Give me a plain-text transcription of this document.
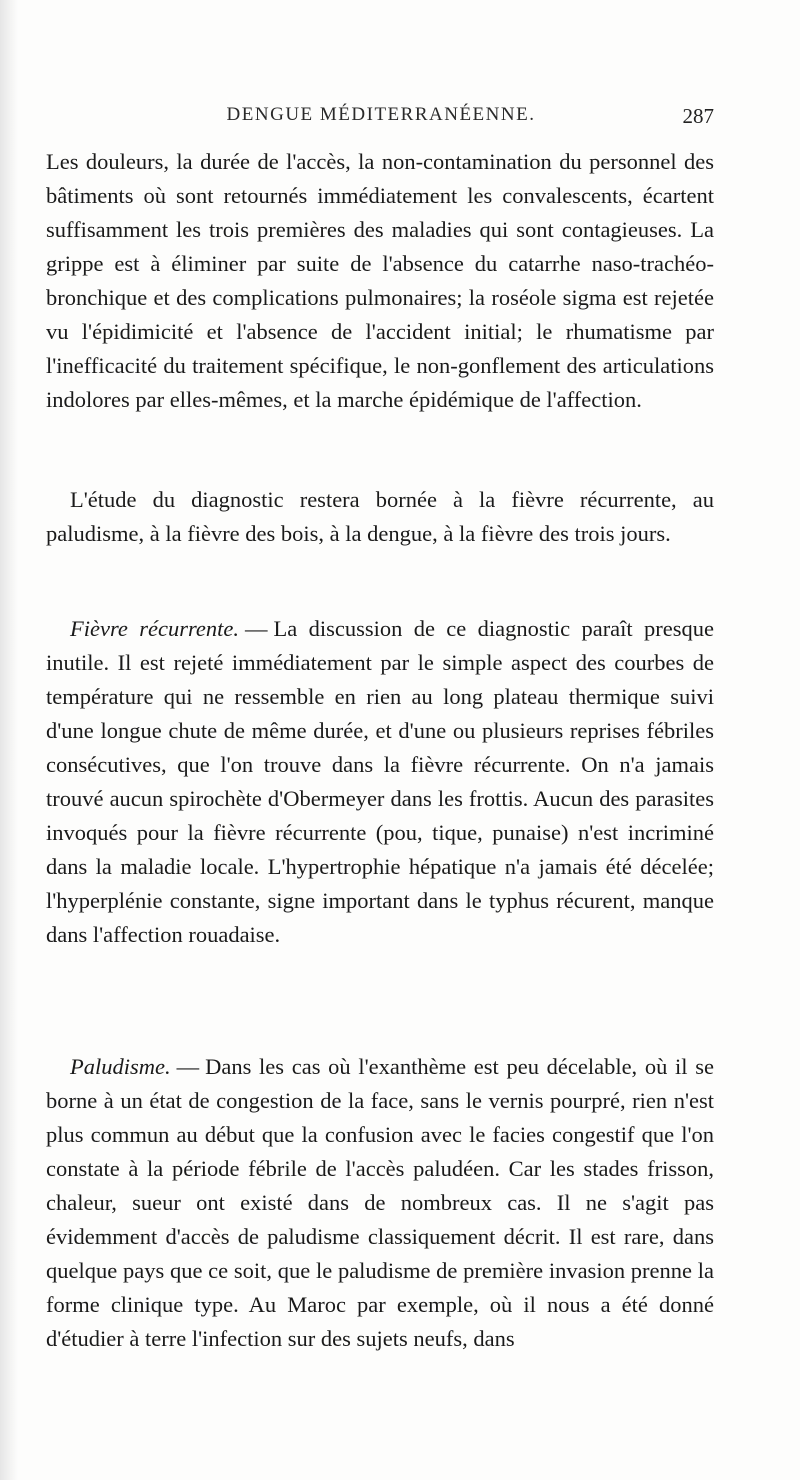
DENGUE MÉDITERRANÉENNE.	287

Les douleurs, la durée de l'accès, la non-contamination du personnel des bâtiments où sont retournés immédiatement les convalescents, écartent suffisamment les trois premières des maladies qui sont contagieuses. La grippe est à éliminer par suite de l'absence du catarrhe naso-trachéo-bronchique et des complications pulmonaires; la roséole sigma est rejetée vu l'épidimicité et l'absence de l'accident initial; le rhumatisme par l'inefficacité du traitement spécifique, le non-gonflement des articulations indolores par elles-mêmes, et la marche épidémique de l'affection.

L'étude du diagnostic restera bornée à la fièvre récurrente, au paludisme, à la fièvre des bois, à la dengue, à la fièvre des trois jours.

Fièvre récurrente. — La discussion de ce diagnostic paraît presque inutile. Il est rejeté immédiatement par le simple aspect des courbes de température qui ne ressemble en rien au long plateau thermique suivi d'une longue chute de même durée, et d'une ou plusieurs reprises fébriles consécutives, que l'on trouve dans la fièvre récurrente. On n'a jamais trouvé aucun spirochète d'Obermeyer dans les frottis. Aucun des parasites invoqués pour la fièvre récurrente (pou, tique, punaise) n'est incriminé dans la maladie locale. L'hypertrophie hépatique n'a jamais été décelée; l'hyperplénie constante, signe important dans le typhus récurent, manque dans l'affection rouadaise.

Paludisme. — Dans les cas où l'exanthème est peu décelable, où il se borne à un état de congestion de la face, sans le vernis pourpré, rien n'est plus commun au début que la confusion avec le facies congestif que l'on constate à la période fébrile de l'accès paludéen. Car les stades frisson, chaleur, sueur ont existé dans de nombreux cas. Il ne s'agit pas évidemment d'accès de paludisme classiquement décrit. Il est rare, dans quelque pays que ce soit, que le paludisme de première invasion prenne la forme clinique type. Au Maroc par exemple, où il nous a été donné d'étudier à terre l'infection sur des sujets neufs, dans
